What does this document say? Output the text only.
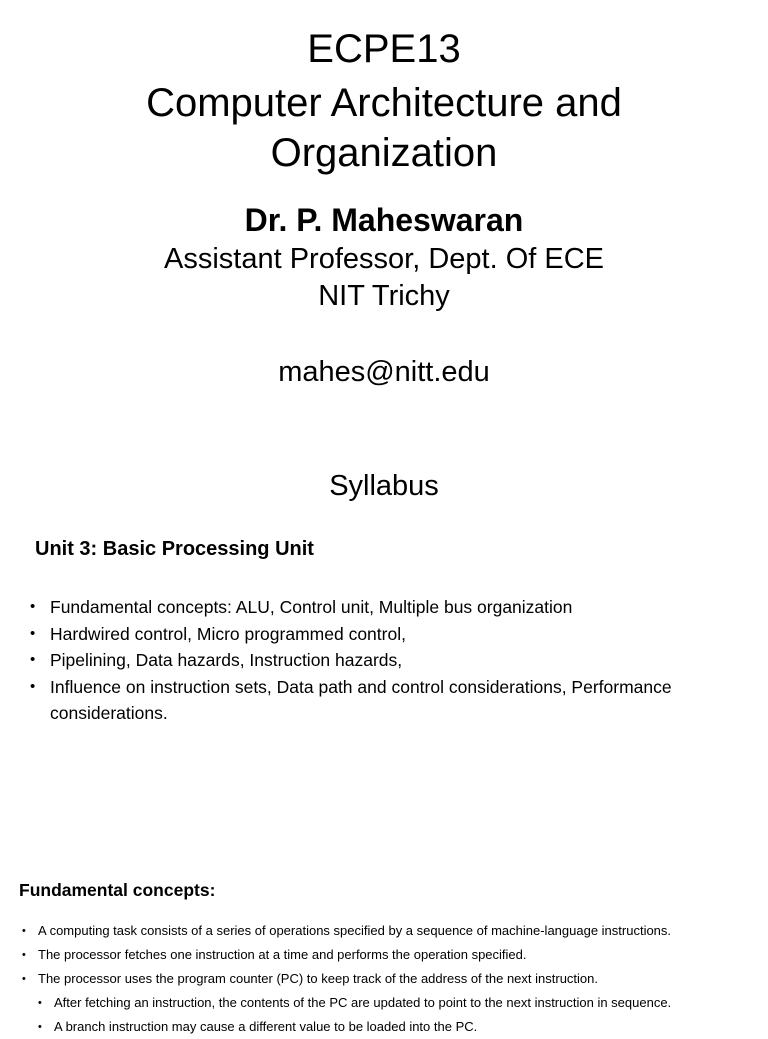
ECPE13
Computer Architecture and
Organization
Dr. P. Maheswaran
Assistant Professor, Dept. Of ECE
NIT Trichy
mahes@nitt.edu
Syllabus
Unit 3: Basic Processing Unit
• Fundamental concepts: ALU, Control unit, Multiple bus organization
• Hardwired control, Micro programmed control,
• Pipelining, Data hazards, Instruction hazards,
• Influence on instruction sets, Data path and control considerations, Performance
considerations.
Fundamental concepts:
• A computing task consists of a series of operations specified by a sequence of machine-language instructions.
• The processor fetches one instruction at a time and performs the operation specified.
• The processor uses the program counter (PC) to keep track of the address of the next instruction.
• After fetching an instruction, the contents of the PC are updated to point to the next instruction in sequence.
• A branch instruction may cause a different value to be loaded into the PC.
